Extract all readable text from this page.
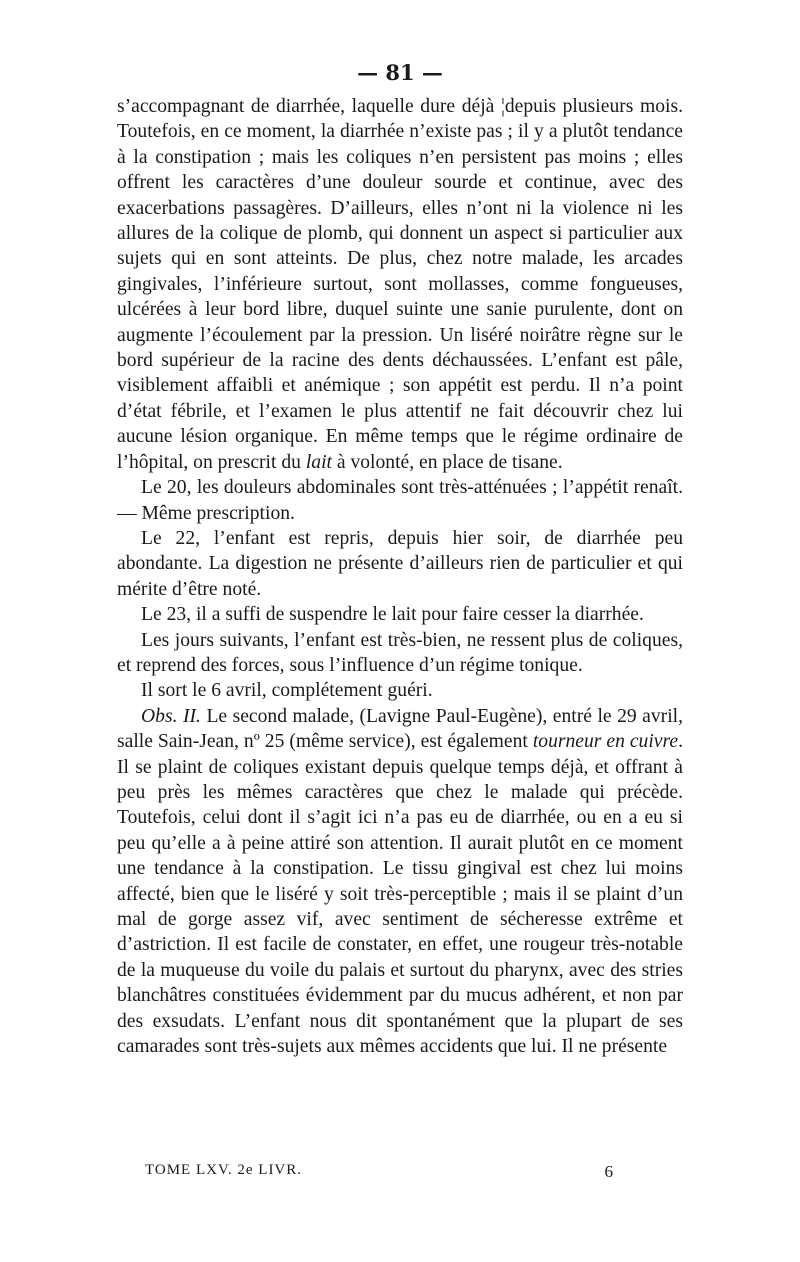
— 81 —

s’accompagnant de diarrhée, laquelle dure déjà ¦depuis plusieurs mois. Toutefois, en ce moment, la diarrhée n’existe pas ; il y a plutôt tendance à la constipation ; mais les coliques n’en persistent pas moins ; elles offrent les caractères d’une douleur sourde et continue, avec des exacerbations passagères. D’ailleurs, elles n’ont ni la violence ni les allures de la colique de plomb, qui donnent un aspect si particulier aux sujets qui en sont atteints. De plus, chez notre malade, les arcades gingivales, l’inférieure surtout, sont mollasses, comme fongueuses, ulcérées à leur bord libre, duquel suinte une sanie purulente, dont on augmente l’écoulement par la pression. Un liséré noirâtre règne sur le bord supérieur de la racine des dents déchaussées. L’enfant est pâle, visiblement affaibli et anémique ; son appétit est perdu. Il n’a point d’état fébrile, et l’examen le plus attentif ne fait découvrir chez lui aucune lésion organique. En même temps que le régime ordinaire de l’hôpital, on prescrit du lait à volonté, en place de tisane.

Le 20, les douleurs abdominales sont très-atténuées ; l’appétit renaît. — Même prescription.

Le 22, l’enfant est repris, depuis hier soir, de diarrhée peu abondante. La digestion ne présente d’ailleurs rien de particulier et qui mérite d’être noté.

Le 23, il a suffi de suspendre le lait pour faire cesser la diarrhée.

Les jours suivants, l’enfant est très-bien, ne ressent plus de coliques, et reprend des forces, sous l’influence d’un régime tonique.

Il sort le 6 avril, complétement guéri.

Obs. II. Le second malade, (Lavigne Paul-Eugène), entré le 29 avril, salle Sain-Jean, nº 25 (même service), est également tourneur en cuivre. Il se plaint de coliques existant depuis quelque temps déjà, et offrant à peu près les mêmes caractères que chez le malade qui précède. Toutefois, celui dont il s’agit ici n’a pas eu de diarrhée, ou en a eu si peu qu’elle a à peine attiré son attention. Il aurait plutôt en ce moment une tendance à la constipation. Le tissu gingival est chez lui moins affecté, bien que le liséré y soit très-perceptible ; mais il se plaint d’un mal de gorge assez vif, avec sentiment de sécheresse extrême et d’astriction. Il est facile de constater, en effet, une rougeur très-notable de la muqueuse du voile du palais et surtout du pharynx, avec des stries blanchâtres constituées évidemment par du mucus adhérent, et non par des exsudats. L’enfant nous dit spontanément que la plupart de ses camarades sont très-sujets aux mêmes accidents que lui. Il ne présente

TOME LXV. 2e LIVR.	6
